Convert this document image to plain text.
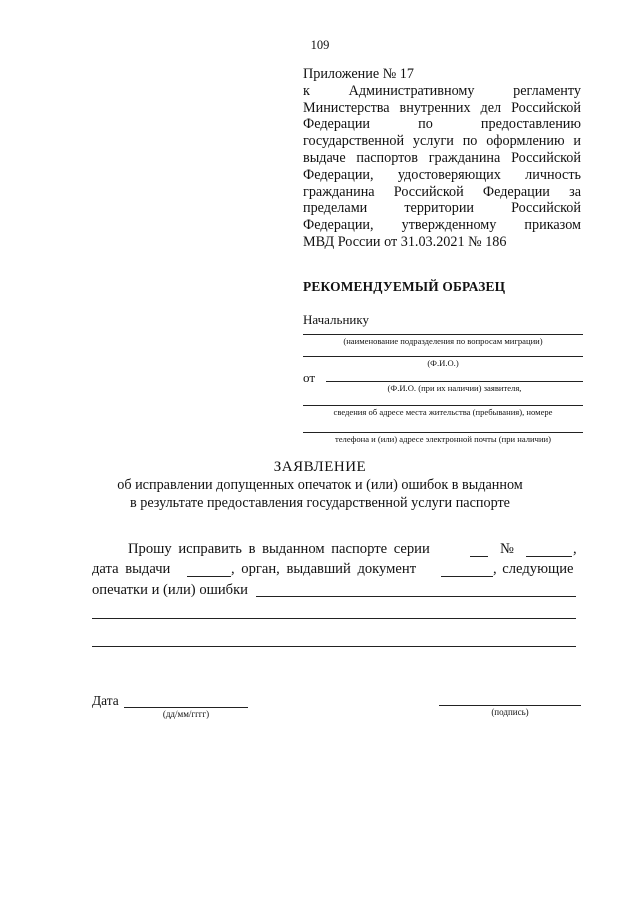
109
Приложение № 17
к Административному регламенту
Министерства внутренних дел Российской
Федерации по предоставлению
государственной услуги по оформлению и
выдаче паспортов гражданина Российской
Федерации, удостоверяющих личность
гражданина Российской Федерации за
пределами территории Российской
Федерации, утвержденному приказом
МВД России от 31.03.2021 № 186
РЕКОМЕНДУЕМЫЙ ОБРАЗЕЦ
Начальнику
(наименование подразделения по вопросам миграции)
(Ф.И.О.)
от
(Ф.И.О. (при их наличии) заявителя,
сведения об адресе места жительства (пребывания), номере
телефона и (или) адресе электронной почты (при наличии)
ЗАЯВЛЕНИЕ
об исправлении допущенных опечаток и (или) ошибок в выданном
в результате предоставления государственной услуги паспорте
Прошу исправить в выданном паспорте серии	№	,
дата выдачи	, орган, выдавший документ	, следующие
опечатки и (или) ошибки
Дата
(дд/мм/гггг)	(подпись)
